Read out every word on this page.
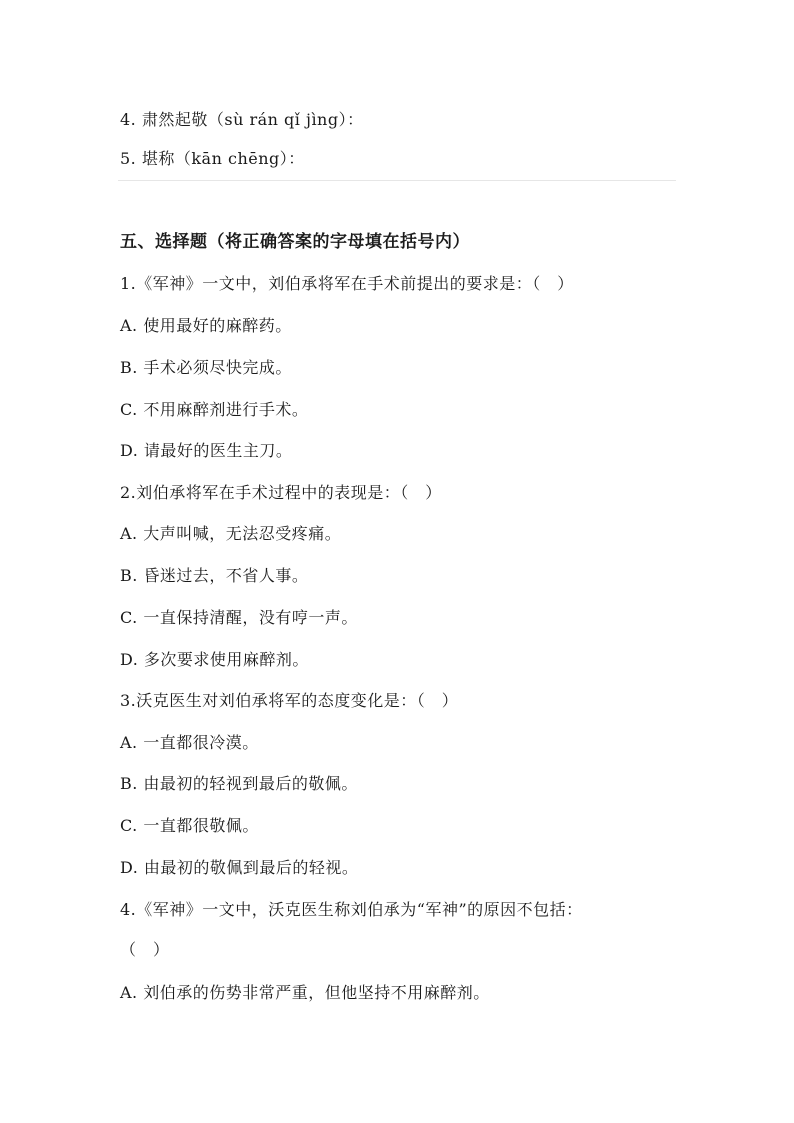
4. 肃然起敬（sù rán qǐ jìng）：
5. 堪称（kān chēng）：
五、选择题（将正确答案的字母填在括号内）
1.《军神》一文中，刘伯承将军在手术前提出的要求是：（　）
A. 使用最好的麻醉药。
B. 手术必须尽快完成。
C. 不用麻醉剂进行手术。
D. 请最好的医生主刀。
2.刘伯承将军在手术过程中的表现是：（　）
A. 大声叫喊，无法忍受疼痛。
B. 昏迷过去，不省人事。
C. 一直保持清醒，没有哼一声。
D. 多次要求使用麻醉剂。
3.沃克医生对刘伯承将军的态度变化是：（　）
A. 一直都很冷漠。
B. 由最初的轻视到最后的敬佩。
C. 一直都很敬佩。
D. 由最初的敬佩到最后的轻视。
4.《军神》一文中，沃克医生称刘伯承为“军神”的原因不包括：
（　）
A. 刘伯承的伤势非常严重，但他坚持不用麻醉剂。
